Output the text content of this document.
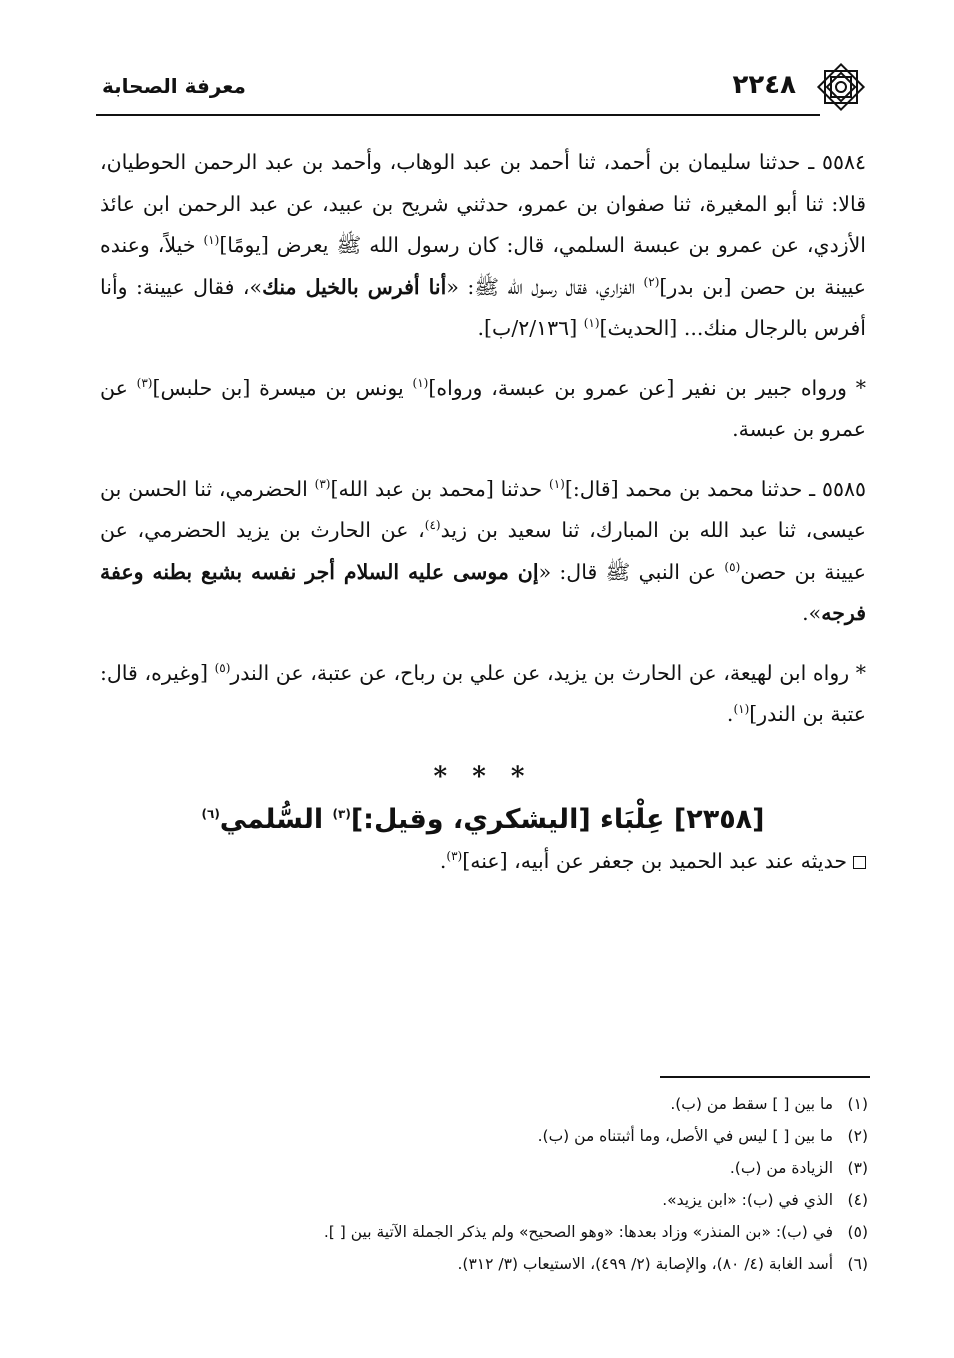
٢٢٤٨
معرفة الصحابة

٥٥٨٤ ـ حدثنا سليمان بن أحمد، ثنا أحمد بن عبد الوهاب، وأحمد بن عبد الرحمن الحوطيان، قالا: ثنا أبو المغيرة، ثنا صفوان بن عمرو، حدثني شريح بن عبيد، عن عبد الرحمن ابن عائذ الأزدي، عن عمرو بن عبسة السلمي، قال: كان رسول الله ﷺ يعرض [يومًا]$^{(١)}$ خيلاً، وعنده عيينة بن حصن [بن بدر]$^{(٢)}$ الفزاري، فقال رسول الله ﷺ: «أنا أفرس بالخيل منك»، فقال عيينة: وأنا أفرس بالرجال منك... [الحديث]$^{(١)}$ [٢/١٣٦/ب].

* ورواه جبير بن نفير [عن عمرو بن عبسة، ورواه]$^{(١)}$ يونس بن ميسرة [بن حلبس]$^{(٣)}$ عن عمرو بن عبسة.

٥٥٨٥ ـ حدثنا محمد بن محمد [قال:]$^{(١)}$ حدثنا [محمد بن عبد الله]$^{(٣)}$ الحضرمي، ثنا الحسن بن عيسى، ثنا عبد الله بن المبارك، ثنا سعيد بن زيد$^{(٤)}$، عن الحارث بن يزيد الحضرمي، عن عيينة بن حصن$^{(٥)}$ عن النبي ﷺ قال: «إن موسى عليه السلام أجر نفسه بشبع بطنه وعفة فرجه».

* رواه ابن لهيعة، عن الحارث بن يزيد، عن علي بن رباح، عن عتبة، عن الندر$^{(٥)}$ [وغيره، قال: عتبة بن الندر]$^{(١)}$.

* * *
[٢٣٥٨] عِلْبَاء [اليشكري، وقيل:]$^{(٣)}$ السُّلمي$^{(٦)}$

حديثه عند عبد الحميد بن جعفر عن أبيه، [عنه]$^{(٣)}$.

(١) ما بين [ ] سقط من (ب).
(٢) ما بين [ ] ليس في الأصل، وما أثبتناه من (ب).
(٣) الزيادة من (ب).
(٤) الذي في (ب): «ابن يزيد».
(٥) في (ب): «بن المنذر» وزاد بعدها: «وهو الصحيح» ولم يذكر الجملة الآتية بين [ ].
(٦) أسد الغابة (٤/ ٨٠)، والإصابة (٢/ ٤٩٩)، الاستيعاب (٣/ ٣١٢).
